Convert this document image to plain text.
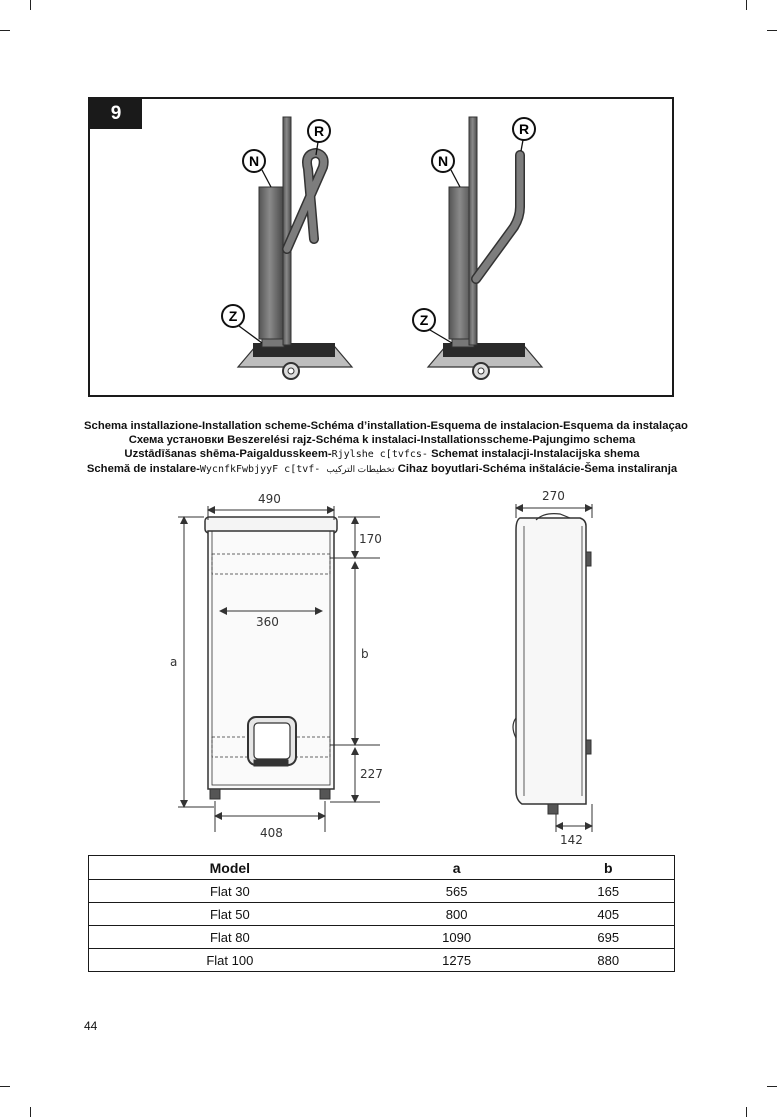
9
N
R
Z
N
R
Z
Schema installazione-Installation scheme-Schéma d’installation-Esquema de instalacion-Esquema da instalaçao
Схема установки Beszerelési rajz-Schéma k instalaci-Installationsscheme-Pajungimo schema
Uzstādīšanas shēma-Paigaldusskeem-Rjylshe c[tvfcs- Schemat instalacji-Instalacijska shema
Schemă de instalare-WycnfkFwbjyyF c[tvf- تخطيطات التركيب Cihaz boyutlari-Schéma inštalácie-Šema instaliranja
490
170
360
a
b
227
408
270
142
Model	a	b
Flat 30	565	165
Flat 50	800	405
Flat 80	1090	695
Flat 100	1275	880
44
